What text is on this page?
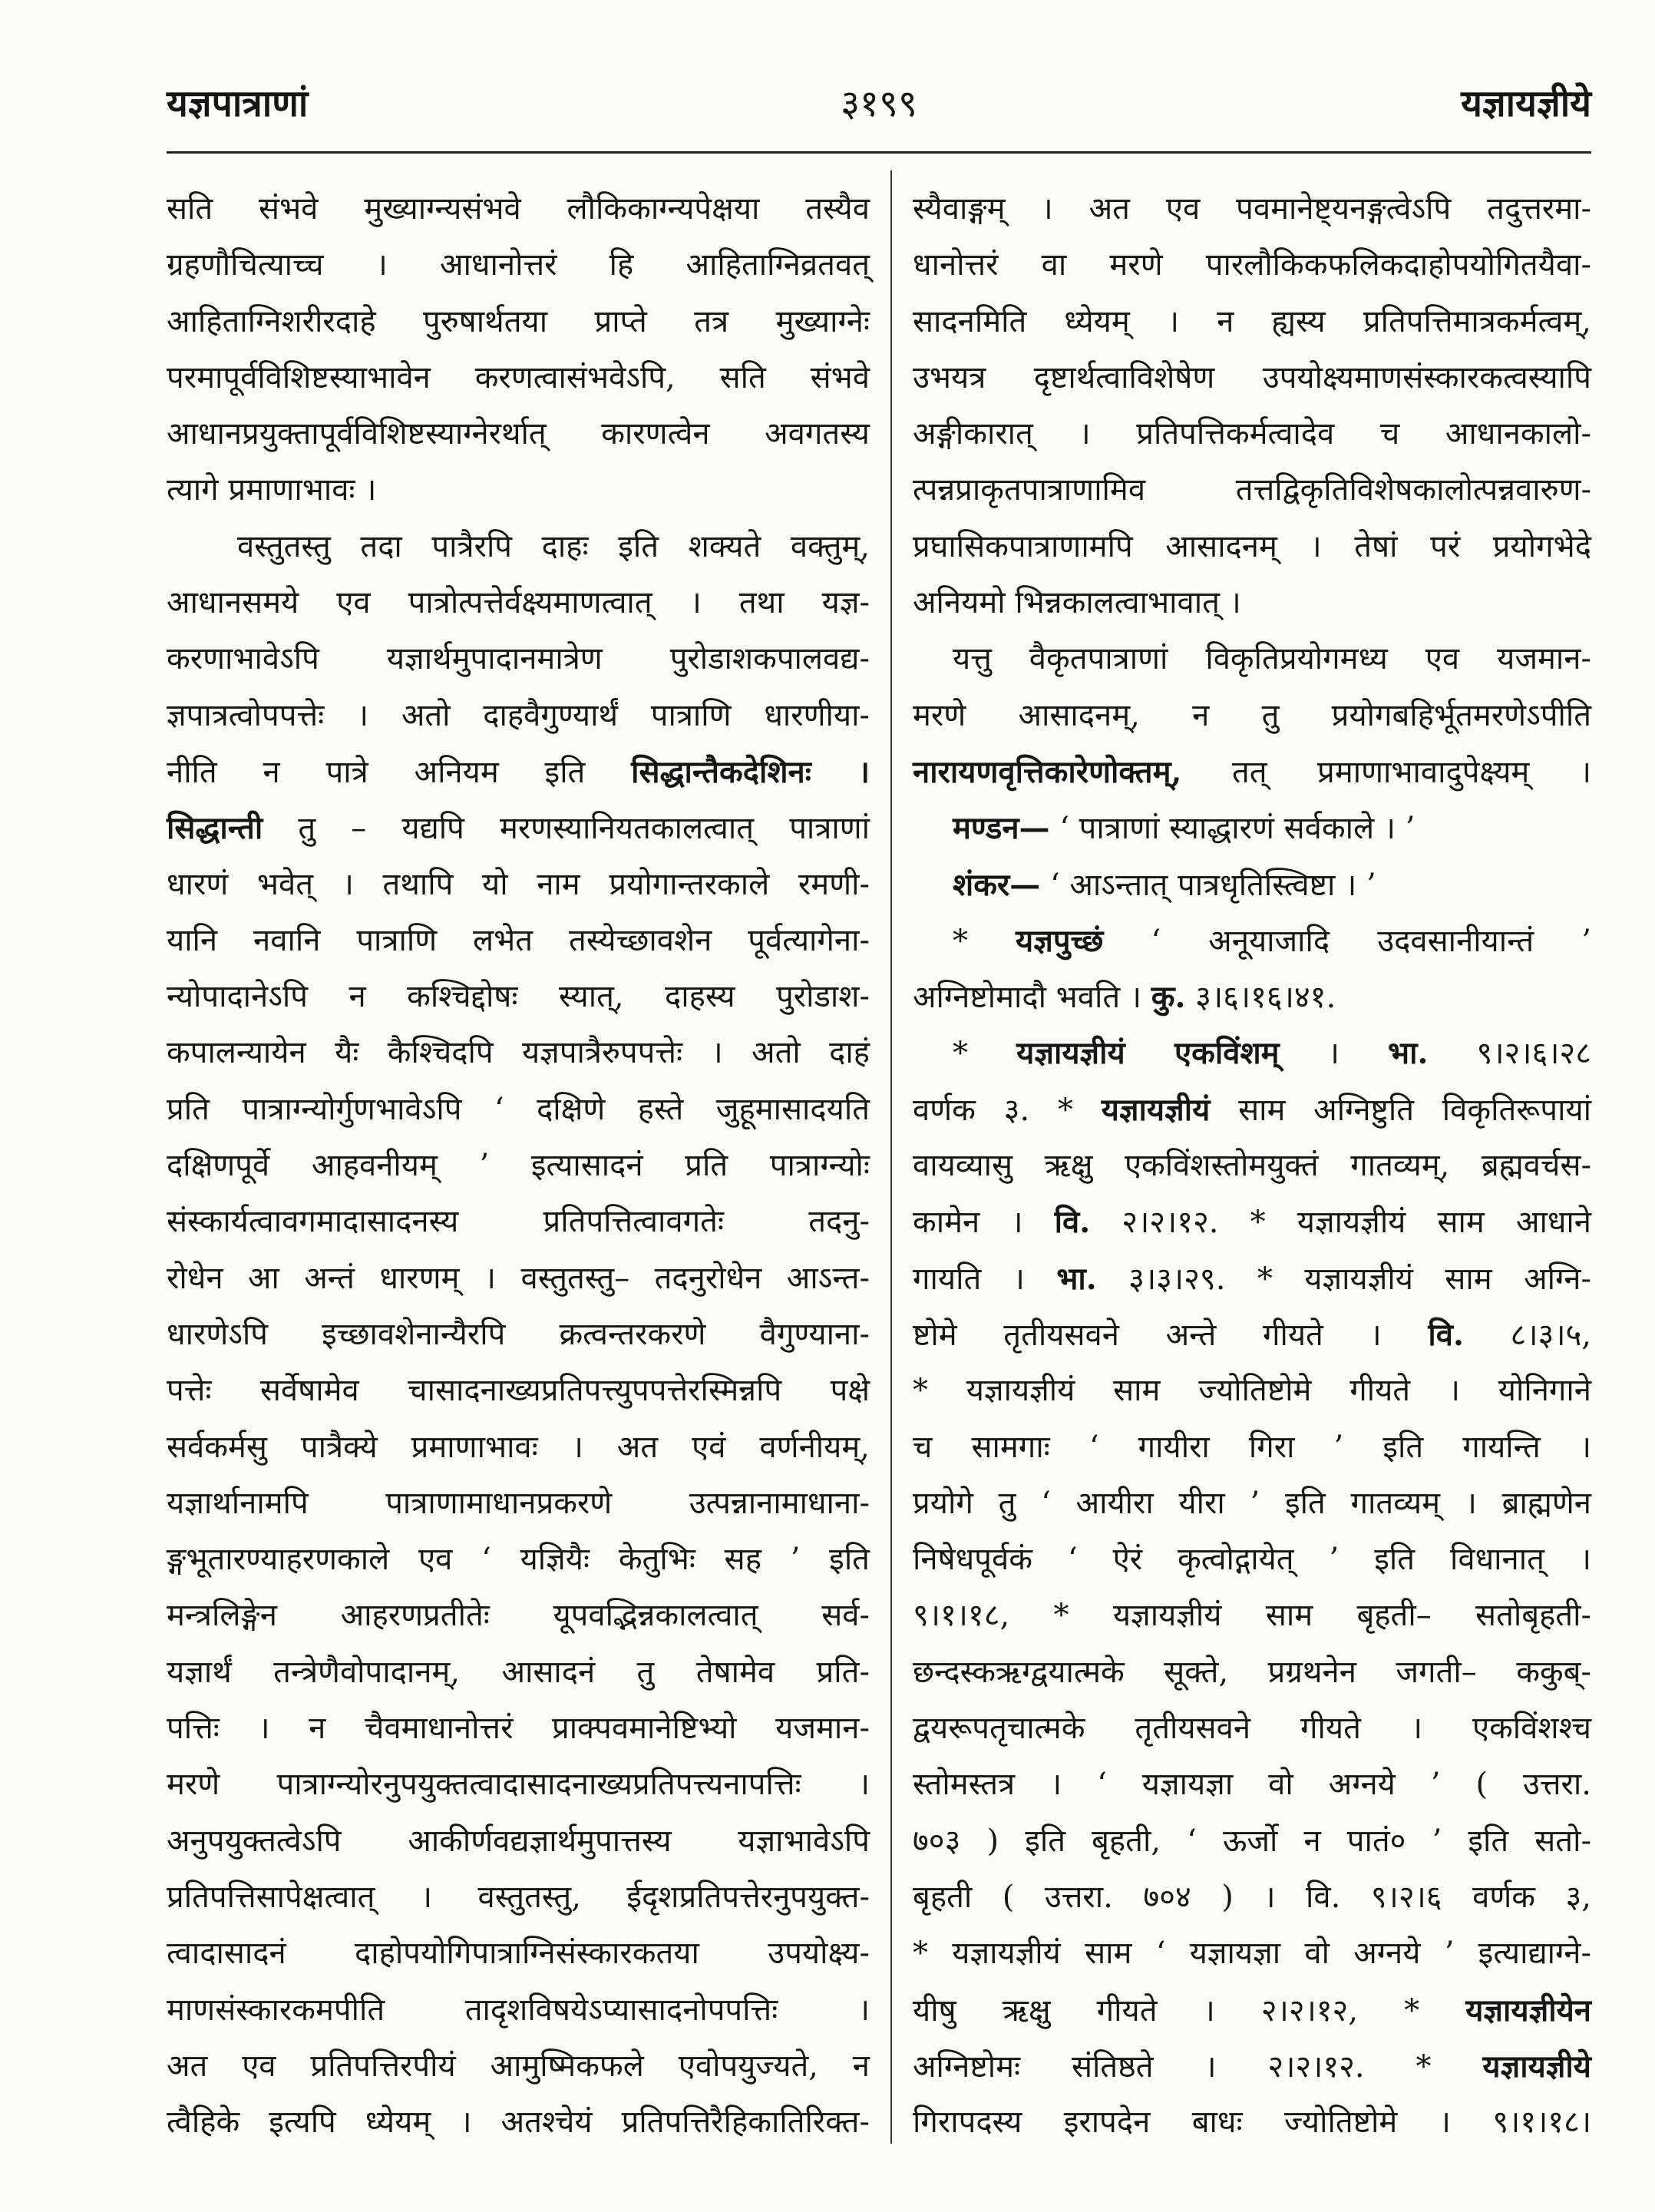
यज्ञपात्राणां	३१९९	यज्ञायज्ञीये
सति संभवे मुख्याग्न्यसंभवे लौकिकाग्न्यपेक्षया तस्यैव
ग्रहणौचित्याच्च । आधानोत्तरं हि आहिताग्निव्रतवत्
आहिताग्निशरीरदाहे पुरुषार्थतया प्राप्ते तत्र मुख्याग्नेः
परमापूर्वविशिष्टस्याभावेन करणत्वासंभवेऽपि, सति संभवे
आधानप्रयुक्तापूर्वविशिष्टस्याग्नेरर्थात् कारणत्वेन अवगतस्य
त्यागे प्रमाणाभावः ।
वस्तुतस्तु तदा पात्रैरपि दाहः इति शक्यते वक्तुम्,
आधानसमये एव पात्रोत्पत्तेर्वक्ष्यमाणत्वात् । तथा यज्ञ-
करणाभावेऽपि यज्ञार्थमुपादानमात्रेण पुरोडाशकपालवद्य-
ज्ञपात्रत्वोपपत्तेः । अतो दाहवैगुण्यार्थं पात्राणि धारणीया-
नीति न पात्रे अनियम इति सिद्धान्तैकदेशिनः ।
सिद्धान्ती तु – यद्यपि मरणस्यानियतकालत्वात् पात्राणां
धारणं भवेत् । तथापि यो नाम प्रयोगान्तरकाले रमणी-
यानि नवानि पात्राणि लभेत तस्येच्छावशेन पूर्वत्यागेना-
न्योपादानेऽपि न कश्चिद्दोषः स्यात्, दाहस्य पुरोडाश-
कपालन्यायेन यैः कैश्चिदपि यज्ञपात्रैरुपपत्तेः । अतो दाहं
प्रति पात्राग्न्योर्गुणभावेऽपि ‘ दक्षिणे हस्ते जुहूमासादयति
दक्षिणपूर्वे आहवनीयम् ’ इत्यासादनं प्रति पात्राग्न्योः
संस्कार्यत्वावगमादासादनस्य प्रतिपत्तित्वावगतेः तदनु-
रोधेन आ अन्तं धारणम् । वस्तुतस्तु– तदनुरोधेन आऽन्त-
धारणेऽपि इच्छावशेनान्यैरपि क्रत्वन्तरकरणे वैगुण्याना-
पत्तेः सर्वेषामेव चासादनाख्यप्रतिपत्त्युपपत्तेरस्मिन्नपि पक्षे
सर्वकर्मसु पात्रैक्ये प्रमाणाभावः । अत एवं वर्णनीयम्,
यज्ञार्थानामपि पात्राणामाधानप्रकरणे उत्पन्नानामाधाना-
ङ्गभूतारण्याहरणकाले एव ‘ यज्ञियैः केतुभिः सह ’ इति
मन्त्रलिङ्गेन आहरणप्रतीतेः यूपवद्भिन्नकालत्वात् सर्व-
यज्ञार्थं तन्त्रेणैवोपादानम्, आसादनं तु तेषामेव प्रति-
पत्तिः । न चैवमाधानोत्तरं प्राक्पवमानेष्टिभ्यो यजमान-
मरणे पात्राग्न्योरनुपयुक्तत्वादासादनाख्यप्रतिपत्त्यनापत्तिः ।
अनुपयुक्तत्वेऽपि आकीर्णवद्यज्ञार्थमुपात्तस्य यज्ञाभावेऽपि
प्रतिपत्तिसापेक्षत्वात् । वस्तुतस्तु, ईदृशप्रतिपत्तेरनुपयुक्त-
त्वादासादनं दाहोपयोगिपात्राग्निसंस्कारकतया उपयोक्ष्य-
माणसंस्कारकमपीति तादृशविषयेऽप्यासादनोपपत्तिः ।
अत एव प्रतिपत्तिरपीयं आमुष्मिकफले एवोपयुज्यते, न
त्वैहिके इत्यपि ध्येयम् । अतश्चेयं प्रतिपत्तिरैहिकातिरिक्त-
स्यैवाङ्गम् । अत एव पवमानेष्ट्यनङ्गत्वेऽपि तदुत्तरमा-
धानोत्तरं वा मरणे पारलौकिकफलिकदाहोपयोगितयैवा-
सादनमिति ध्येयम् । न ह्यस्य प्रतिपत्तिमात्रकर्मत्वम्,
उभयत्र दृष्टार्थत्वाविशेषेण उपयोक्ष्यमाणसंस्कारकत्वस्यापि
अङ्गीकारात् । प्रतिपत्तिकर्मत्वादेव च आधानकालो-
त्पन्नप्राकृतपात्राणामिव तत्तद्विकृतिविशेषकालोत्पन्नवारुण-
प्रघासिकपात्राणामपि आसादनम् । तेषां परं प्रयोगभेदे
अनियमो भिन्नकालत्वाभावात् ।
यत्तु वैकृतपात्राणां विकृतिप्रयोगमध्य एव यजमान-
मरणे आसादनम्, न तु प्रयोगबहिर्भूतमरणेऽपीति
नारायणवृत्तिकारेणोक्तम्, तत् प्रमाणाभावादुपेक्ष्यम् ।
मण्डन— ‘ पात्राणां स्याद्धारणं सर्वकाले । ’
शंकर— ‘ आऽन्तात् पात्रधृतिस्त्विष्टा । ’
* यज्ञपुच्छं ‘ अनूयाजादि उदवसानीयान्तं ’
अग्निष्टोमादौ भवति । कु. ३।६।१६।४१.
* यज्ञायज्ञीयं एकविंशम् । भा. ९।२।६।२८
वर्णक ३. * यज्ञायज्ञीयं साम अग्निष्टुति विकृतिरूपायां
वायव्यासु ऋक्षु एकविंशस्तोमयुक्तं गातव्यम्, ब्रह्मवर्चस-
कामेन । वि. २।२।१२. * यज्ञायज्ञीयं साम आधाने
गायति । भा. ३।३।२९. * यज्ञायज्ञीयं साम अग्नि-
ष्टोमे तृतीयसवने अन्ते गीयते । वि. ८।३।५,
* यज्ञायज्ञीयं साम ज्योतिष्टोमे गीयते । योनिगाने
च सामगाः ‘ गायीरा गिरा ’ इति गायन्ति ।
प्रयोगे तु ‘ आयीरा यीरा ’ इति गातव्यम् । ब्राह्मणेन
निषेधपूर्वकं ‘ ऐरं कृत्वोद्गायेत् ’ इति विधानात् ।
९।१।१८, * यज्ञायज्ञीयं साम बृहती– सतोबृहती-
छन्दस्कऋग्द्वयात्मके सूक्ते, प्रग्रथनेन जगती– ककुब्-
द्वयरूपतृचात्मके तृतीयसवने गीयते । एकविंशश्च
स्तोमस्तत्र । ‘ यज्ञायज्ञा वो अग्नये ’ ( उत्तरा.
७०३ ) इति बृहती, ‘ ऊर्जो न पातं० ’ इति सतो-
बृहती ( उत्तरा. ७०४ ) । वि. ९।२।६ वर्णक ३,
* यज्ञायज्ञीयं साम ‘ यज्ञायज्ञा वो अग्नये ’ इत्याद्याग्ने-
यीषु ऋक्षु गीयते । २।२।१२, * यज्ञायज्ञीयेन
अग्निष्टोमः संतिष्ठते । २।२।१२. * यज्ञायज्ञीये
गिरापदस्य इरापदेन बाधः ज्योतिष्टोमे । ९।१।१८।
